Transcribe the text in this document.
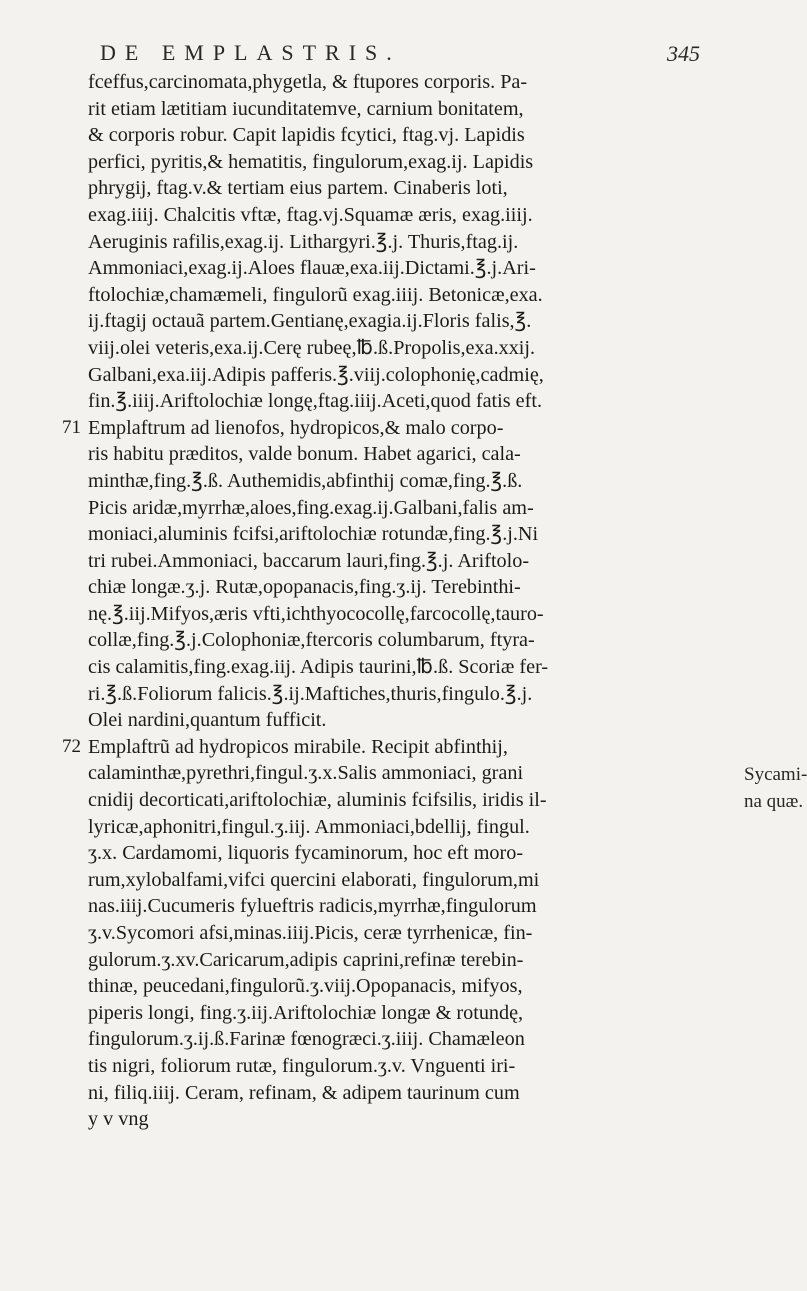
DE EMPLASTRIS.	345
fceffus,carcinomata,phygetla, & ftupores corporis. Pa-
rit etiam lætitiam iucunditatemve, carnium bonitatem,
& corporis robur. Capit lapidis fcytici, ftag.vj. Lapidis
perfici, pyritis,& hematitis, fingulorum,exag.ij. Lapidis
phrygij, ftag.v.& tertiam eius partem. Cinaberis loti,
exag.iiij. Chalcitis vftæ, ftag.vj.Squamæ æris, exag.iiij.
Aeruginis rafilis,exag.ij. Lithargyri.℥.j. Thuris,ftag.ij.
Ammoniaci,exag.ij.Aloes flauæ,exa.iij.Dictami.℥.j.Ari-
ftolochiæ,chamæmeli, fingulorũ exag.iiij. Betonicæ,exa.
ij.ftagij octauã partem.Gentianę,exagia.ij.Floris falis,℥.
viij.olei veteris,exa.ij.Cerę rubeę,℔.ß.Propolis,exa.xxij.
Galbani,exa.iij.Adipis pafferis.℥.viij.colophonię,cadmię,
fin.℥.iiij.Ariftolochiæ longę,ftag.iiij.Aceti,quod fatis eft.
71 Emplaftrum ad lienofos, hydropicos,& malo corpo-
ris habitu præditos, valde bonum. Habet agarici, cala-
minthæ,fing.℥.ß. Authemidis,abfinthij comæ,fing.℥.ß.
Picis aridæ,myrrhæ,aloes,fing.exag.ij.Galbani,falis am-
moniaci,aluminis fcifsi,ariftolochiæ rotundæ,fing.℥.j.Ni
tri rubei.Ammoniaci, baccarum lauri,fing.℥.j. Ariftolo-
chiæ longæ.ʒ.j. Rutæ,opopanacis,fing.ʒ.ij. Terebinthi-
nę.℥.iij.Mifyos,æris vfti,ichthyococollę,farcocollę,tauro-
collæ,fing.℥.j.Colophoniæ,ftercoris columbarum, ftyra-
cis calamitis,fing.exag.iij. Adipis taurini,℔.ß. Scoriæ fer-
ri.℥.ß.Foliorum falicis.℥.ij.Maftiches,thuris,fingulo.℥.j.
Olei nardini,quantum fufficit.
72 Emplaftrũ ad hydropicos mirabile. Recipit abfinthij,
calaminthæ,pyrethri,fingul.ʒ.x.Salis ammoniaci, grani
cnidij decorticati,ariftolochiæ, aluminis fcifsilis, iridis il-
lyricæ,aphonitri,fingul.ʒ.iij. Ammoniaci,bdellij, fingul.
ʒ.x. Cardamomi, liquoris fycaminorum, hoc eft moro-
rum,xylobalfami,vifci quercini elaborati, fingulorum,mi
nas.iiij.Cucumeris fylueftris radicis,myrrhæ,fingulorum
ʒ.v.Sycomori afsi,minas.iiij.Picis, ceræ tyrrhenicæ, fin-
gulorum.ʒ.xv.Caricarum,adipis caprini,refinæ terebin-
thinæ, peucedani,fingulorũ.ʒ.viij.Opopanacis, mifyos,
piperis longi, fing.ʒ.iij.Ariftolochiæ longæ & rotundę,
fingulorum.ʒ.ij.ß.Farinæ fœnogræci.ʒ.iiij. Chamæleon
tis nigri, foliorum rutæ, fingulorum.ʒ.v. Vnguenti iri-
ni, filiq.iiij. Ceram, refinam, & adipem taurinum cum
y v vng
Sycami-
na quæ.
